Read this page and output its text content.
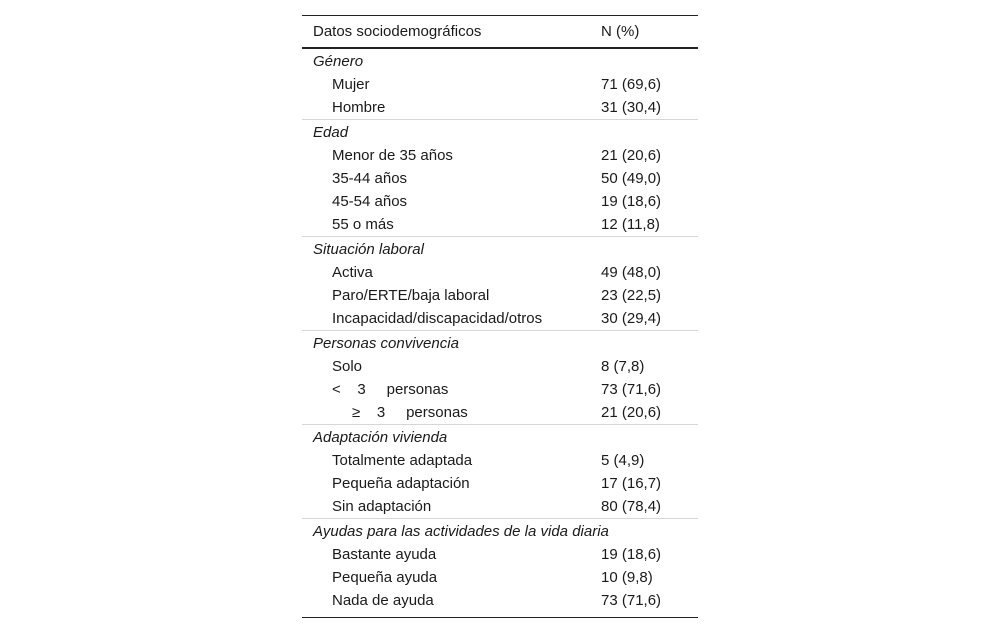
Datos sociodemográficos	N (%)
Género
Mujer	71 (69,6)
Hombre	31 (30,4)
Edad
Menor de 35 años	21 (20,6)
35-44 años	50 (49,0)
45-54 años	19 (18,6)
55 o más	12 (11,8)
Situación laboral
Activa	49 (48,0)
Paro/ERTE/baja laboral	23 (22,5)
Incapacidad/discapacidad/otros	30 (29,4)
Personas convivencia
Solo	8 (7,8)
<    3     personas	73 (71,6)
≥    3     personas	21 (20,6)
Adaptación vivienda
Totalmente adaptada	5 (4,9)
Pequeña adaptación	17 (16,7)
Sin adaptación	80 (78,4)
Ayudas para las actividades de la vida diaria
Bastante ayuda	19 (18,6)
Pequeña ayuda	10 (9,8)
Nada de ayuda	73 (71,6)
